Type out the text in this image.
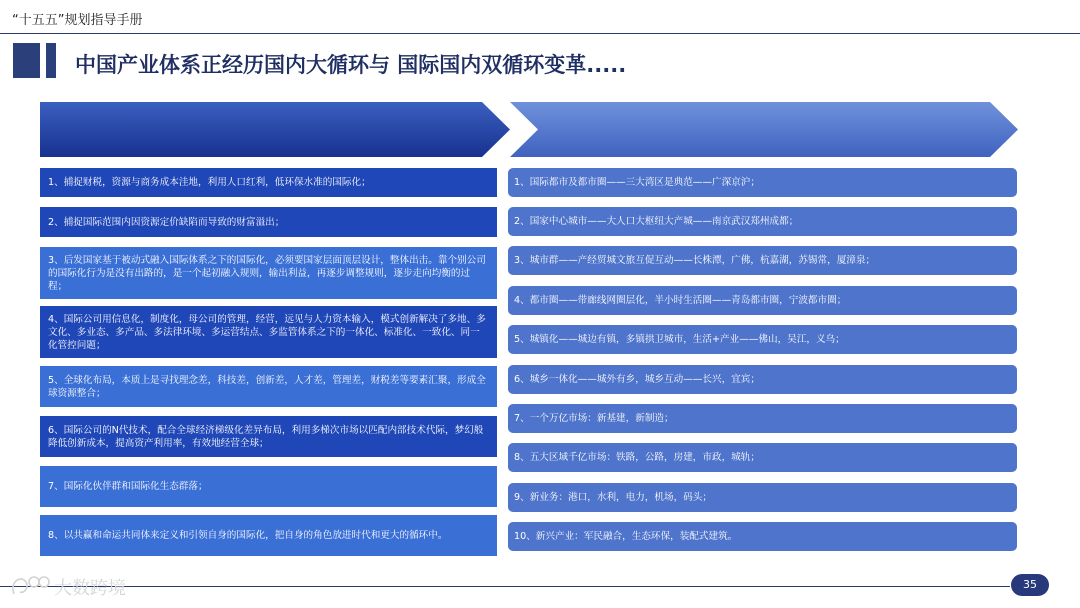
“十五五”规划指导手册
中国产业体系正经历国内大循环与 国际国内双循环变革.....
国际八层次命运共同体	国内大战场产业深空间
1、捕捉财税，资源与商务成本洼地，利用人口红利，低环保水准的国际化；
2、捕捉国际范围内因资源定价缺陷而导致的财富溢出；
3、后发国家基于被动式融入国际体系之下的国际化，必须要国家层面顶层设计，整体出击。靠个别公司的国际化行为是没有出路的，是一个起初融入规则，输出利益，再逐步调整规则，逐步走向均衡的过程；
4、国际公司用信息化，制度化，母公司的管理，经营，远见与人力资本输入，模式创新解决了多地、多文化、多业态、多产品、多法律环境、多运营结点、多监管体系之下的一体化、标准化、一致化、同一化管控问题；
5、全球化布局，本质上是寻找理念差，科技差，创新差，人才差，管理差，财税差等要素汇聚，形成全球资源整合；
6、国际公司的N代技术，配合全球经济梯级化差异布局，利用多梯次市场以匹配内部技术代际，梦幻般降低创新成本，提高资产利用率，有效地经营全球；
7、国际化伙伴群和国际化生态群落；
8、以共赢和命运共同体来定义和引领自身的国际化，把自身的角色放进时代和更大的循环中。
1、国际都市及都市圈——三大湾区是典范——广深京沪；
2、国家中心城市——大人口大枢纽大产城——南京武汉郑州成都；
3、城市群——产经贸城文旅互促互动——长株潭，广佛，杭嘉湖，苏锡常，厦漳泉；
4、都市圈——带廊线网圈层化，半小时生活圈——青岛都市圈，宁波都市圈；
5、城镇化——城边有镇，多镇拱卫城市，生活+产业——佛山，吴江，义乌；
6、城乡一体化——城外有乡，城乡互动——长兴，宜宾；
7、一个万亿市场：新基建，新制造；
8、五大区域千亿市场：铁路，公路，房建，市政，城轨；
9、新业务：港口，水利，电力，机场，码头；
10、新兴产业：军民融合，生态环保，装配式建筑。
35
大数跨境
